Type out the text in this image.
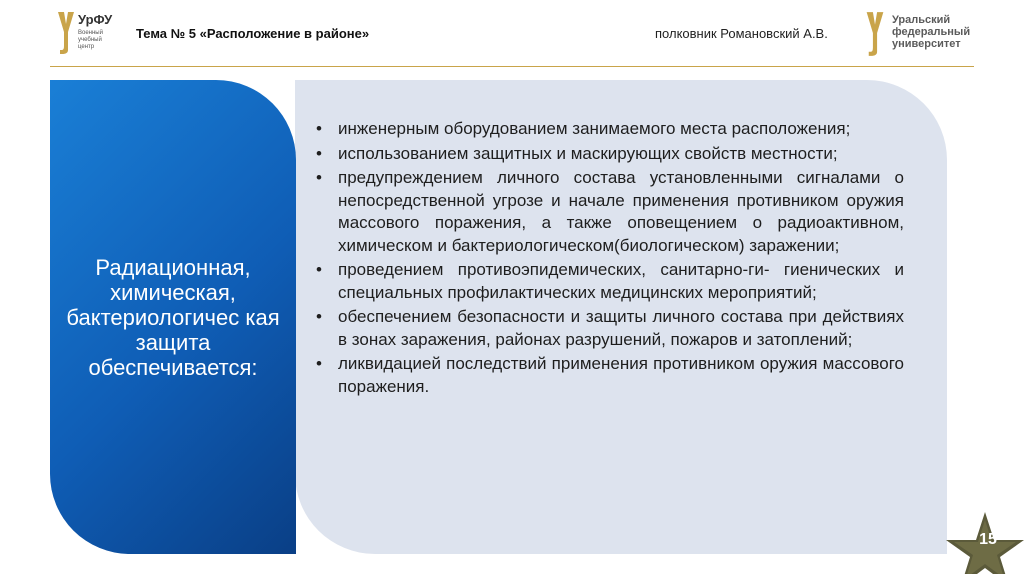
УрФУ
Военный учебный центр
Тема № 5 «Расположение в районе»	полковник Романовский А.В.
Уральский федеральный университет
Радиационная, химическая, бактериологичес кая защита обеспечивается:
• инженерным оборудованием занимаемого места расположения;
• использованием защитных и маскирующих свойств местности;
• предупреждением личного состава установленными сигналами о непосредственной угрозе и начале применения противником оружия массового поражения, а также оповещением о радиоактивном, химическом и бактериологическом(биологическом) заражении;
• проведением противоэпидемических, санитарно-ги- гиенических и специальных профилактических медицинских мероприятий;
• обеспечением безопасности и защиты личного состава при действиях в зонах заражения, районах разрушений, пожаров и затоплений;
• ликвидацией последствий применения противником оружия массового поражения.
15
